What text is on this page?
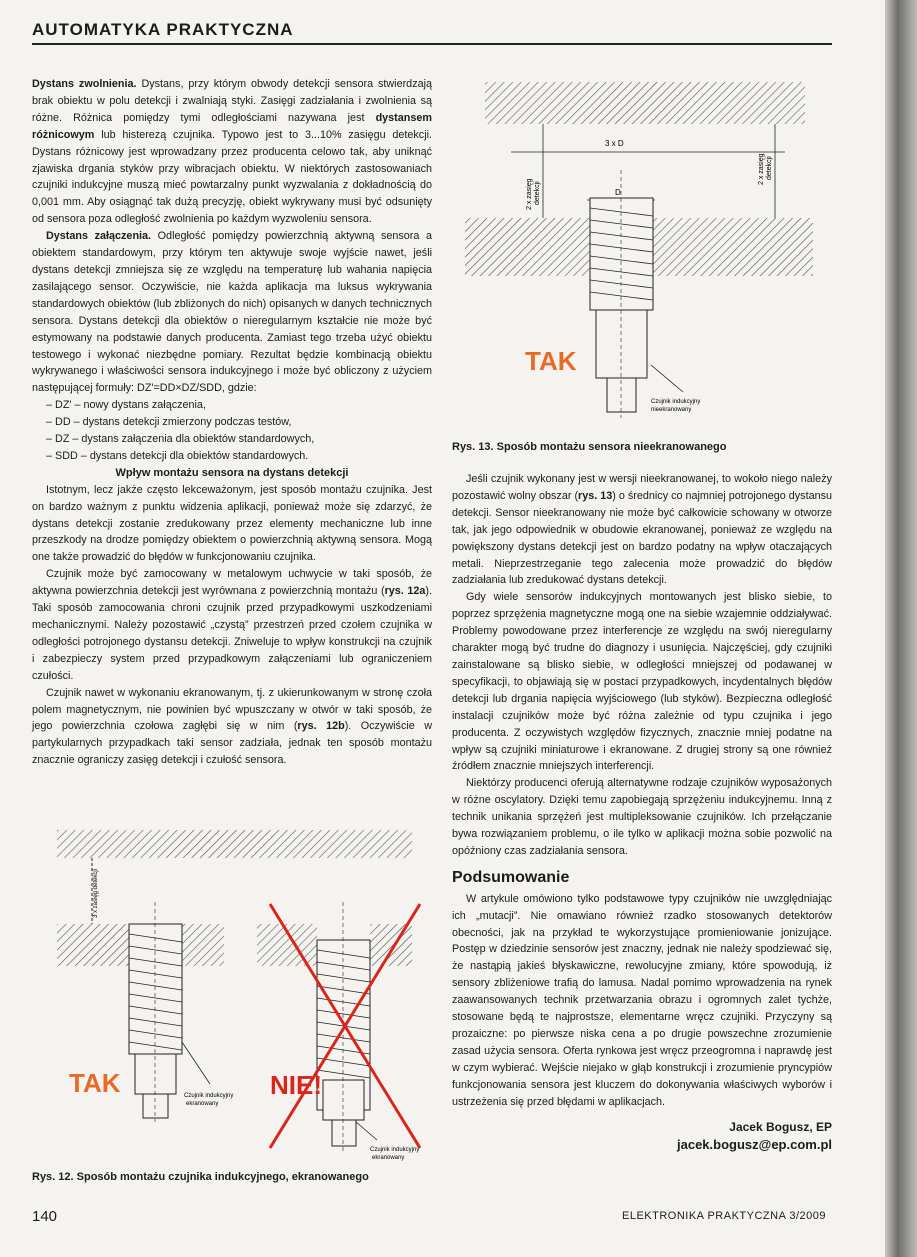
AUTOMATYKA PRAKTYCZNA

Dystans zwolnienia. Dystans, przy którym obwody detekcji sensora stwierdzają brak obiektu w polu detekcji i zwalniają styki. Zasięgi zadziałania i zwolnienia są różne. Różnica pomiędzy tymi odległościami nazywana jest dystansem różnicowym lub histerezą czujnika. Typowo jest to 3...10% zasięgu detekcji. Dystans różnicowy jest wprowadzany przez producenta celowo tak, aby uniknąć zjawiska drgania styków przy wibracjach obiektu. W niektórych zastosowaniach czujniki indukcyjne muszą mieć powtarzalny punkt wyzwalania z dokładnością do 0,001 mm. Aby osiągnąć tak dużą precyzję, obiekt wykrywany musi być odsunięty od sensora poza odległość zwolnienia po każdym wyzwoleniu sensora.

Dystans załączenia. Odległość pomiędzy powierzchnią aktywną sensora a obiektem standardowym, przy którym ten aktywuje swoje wyjście nawet, jeśli dystans detekcji zmniejsza się ze względu na temperaturę lub wahania napięcia zasilającego sensor. Oczywiście, nie każda aplikacja ma luksus wykrywania standardowych obiektów (lub zbliżonych do nich) opisanych w danych technicznych sensora. Dystans detekcji dla obiektów o nieregularnym kształcie nie może być estymowany na podstawie danych producenta. Zamiast tego trzeba użyć obiektu testowego i wykonać niezbędne pomiary. Rezultat będzie kombinacją obiektu wykrywanego i właściwości sensora indukcyjnego i może być obliczony z użyciem następującej formuły: DZ'=DD×DZ/SDD, gdzie:

– DZ' – nowy dystans załączenia,
– DD – dystans detekcji zmierzony podczas testów,
– DZ – dystans załączenia dla obiektów standardowych,
– SDD – dystans detekcji dla obiektów standardowych.
Wpływ montażu sensora na dystans detekcji

Istotnym, lecz jakże często lekceważonym, jest sposób montażu czujnika. Jest on bardzo ważnym z punktu widzenia aplikacji, ponieważ może się zdarzyć, że dystans detekcji zostanie zredukowany przez elementy mechaniczne lub inne przeszkody na drodze pomiędzy obiektem o powierzchnią aktywną sensora. Mogą one także prowadzić do błędów w funkcjonowaniu czujnika.

Czujnik może być zamocowany w metalowym uchwycie w taki sposób, że aktywna powierzchnia detekcji jest wyrównana z powierzchnią montażu (rys. 12a). Taki sposób zamocowania chroni czujnik przed przypadkowymi uszkodzeniami mechanicznymi. Należy pozostawić „czystą” przestrzeń przed czołem czujnika w odległości potrojonego dystansu detekcji. Zniweluje to wpływ konstrukcji na czujnik i zabezpieczy system przed przypadkowym załączeniami lub ograniczeniem czułości.

Czujnik nawet w wykonaniu ekranowanym, tj. z ukierunkowanym w stronę czoła polem magnetycznym, nie powinien być wpuszczany w otwór w taki sposób, że jego powierzchnia czołowa zagłębi się w nim (rys. 12b). Oczywiście w partykularnych przypadkach taki sensor zadziała, jednak ten sposób montażu znacznie ograniczy zasięg detekcji i czułość sensora.

3 x zasięg detekcji
TAK	Czujnik indukcyjny
ekranowany
NIE!
Czujnik indukcyjny
ekranowany
Rys. 12. Sposób montażu czujnika indukcyjnego, ekranowanego
3 x D
D
2 x zasięg detekcji
2 x zasięg detekcji
TAK
Czujnik indukcyjny
nieekranowany
Rys. 13. Sposób montażu sensora nieekranowanego

Jeśli czujnik wykonany jest w wersji nieekranowanej, to wokoło niego należy pozostawić wolny obszar (rys. 13) o średnicy co najmniej potrojonego dystansu detekcji. Sensor nieekranowany nie może być całkowicie schowany w otworze tak, jak jego odpowiednik w obudowie ekranowanej, ponieważ ze względu na powiększony dystans detekcji jest on bardzo podatny na wpływ otaczających metali. Nieprzestrzeganie tego zalecenia może prowadzić do błędów zadziałania lub zredukować dystans detekcji.

Gdy wiele sensorów indukcyjnych montowanych jest blisko siebie, to poprzez sprzężenia magnetyczne mogą one na siebie wzajemnie oddziaływać. Problemy powodowane przez interferencje ze względu na swój nieregularny charakter mogą być trudne do diagnozy i usunięcia. Najczęściej, gdy czujniki zainstalowane są blisko siebie, w odległości mniejszej od podawanej w specyfikacji, to objawiają się w postaci przypadkowych, incydentalnych błędów detekcji lub drgania napięcia wyjściowego (lub styków). Bezpieczna odległość instalacji czujników może być różna zależnie od typu czujnika i jego producenta. Z oczywistych względów fizycznych, znacznie mniej podatne na wpływ są czujniki miniaturowe i ekranowane. Z drugiej strony są one również źródłem znacznie mniejszych interferencji.

Niektórzy producenci oferują alternatywne rodzaje czujników wyposażonych w różne oscylatory. Dzięki temu zapobiegają sprzężeniu indukcyjnemu. Inną z technik unikania sprzężeń jest multipleksowanie czujników. Ich przełączanie bywa rozwiązaniem problemu, o ile tylko w aplikacji można sobie pozwolić na opóźniony czas zadziałania sensora.

Podsumowanie

W artykule omówiono tylko podstawowe typy czujników nie uwzględniając ich „mutacji”. Nie omawiano również rzadko stosowanych detektorów obecności, jak na przykład te wykorzystujące promieniowanie jonizujące. Postęp w dziedzinie sensorów jest znaczny, jednak nie należy spodziewać się, że nastąpią jakieś błyskawiczne, rewolucyjne zmiany, które spowodują, iż sensory zbliżeniowe trafią do lamusa. Nadal pomimo wprowadzenia na rynek zaawansowanych technik przetwarzania obrazu i ogromnych zalet tychże, stosowane będą te najprostsze, elementarne wręcz czujniki. Przyczyny są prozaiczne: po pierwsze niska cena a po drugie powszechne zrozumienie zasad użycia sensora. Oferta rynkowa jest wręcz przeogromna i naprawdę jest w czym wybierać. Wejście niejako w głąb konstrukcji i zrozumienie pryncypiów funkcjonowania sensora jest kluczem do dokonywania właściwych wyborów i ustrzeżenia się przed błędami w aplikacjach.

Jacek Bogusz, EP
jacek.bogusz@ep.com.pl
140	ELEKTRONIKA PRAKTYCZNA 3/2009
